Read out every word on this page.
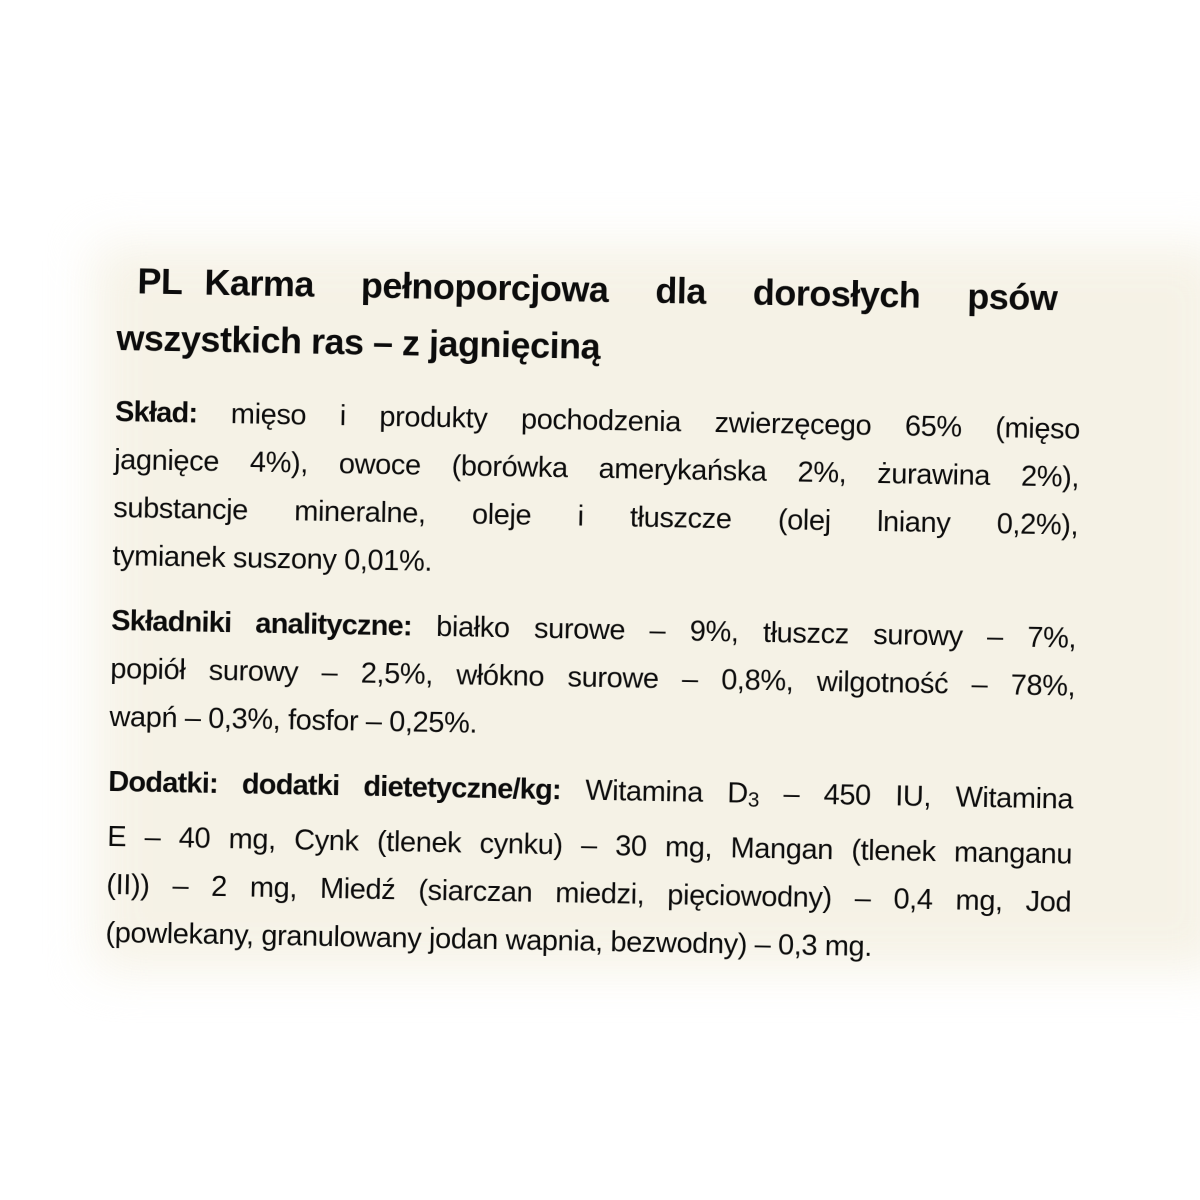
PL Karma pełnoporcjowa dla dorosłych psów
wszystkich ras – z jagnięciną
Skład: mięso i produkty pochodzenia zwierzęcego 65% (mięso
jagnięce 4%), owoce (borówka amerykańska 2%, żurawina 2%),
substancje mineralne, oleje i tłuszcze (olej lniany 0,2%),
tymianek suszony 0,01%.
Składniki analityczne: białko surowe – 9%, tłuszcz surowy – 7%,
popiół surowy – 2,5%, włókno surowe – 0,8%, wilgotność – 78%,
wapń – 0,3%, fosfor – 0,25%.
Dodatki: dodatki dietetyczne/kg: Witamina D3 – 450 IU, Witamina
E – 40 mg, Cynk (tlenek cynku) – 30 mg, Mangan (tlenek manganu
(II)) – 2 mg, Miedź (siarczan miedzi, pięciowodny) – 0,4 mg, Jod
(powlekany, granulowany jodan wapnia, bezwodny) – 0,3 mg.
